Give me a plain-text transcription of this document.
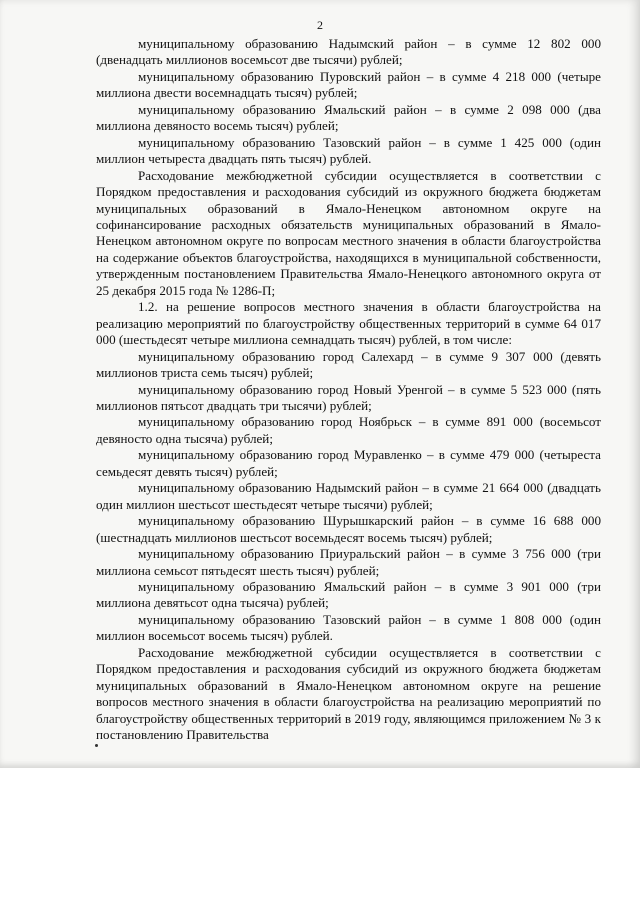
2

муниципальному образованию Надымский район – в сумме 12 802 000 (двенадцать миллионов восемьсот две тысячи) рублей;

муниципальному образованию Пуровский район – в сумме 4 218 000 (четыре миллиона двести восемнадцать тысяч) рублей;

муниципальному образованию Ямальский район – в сумме 2 098 000 (два миллиона девяносто восемь тысяч) рублей;

муниципальному образованию Тазовский район – в сумме 1 425 000 (один миллион четыреста двадцать пять тысяч) рублей.

Расходование межбюджетной субсидии осуществляется в соответствии с Порядком предоставления и расходования субсидий из окружного бюджета бюджетам муниципальных образований в Ямало-Ненецком автономном округе на софинансирование расходных обязательств муниципальных образований в Ямало-Ненецком автономном округе по вопросам местного значения в области благоустройства на содержание объектов благоустройства, находящихся в муниципальной собственности, утвержденным постановлением Правительства Ямало-Ненецкого автономного округа от 25 декабря 2015 года № 1286-П;

1.2. на решение вопросов местного значения в области благоустройства на реализацию мероприятий по благоустройству общественных территорий в сумме 64 017 000 (шестьдесят четыре миллиона семнадцать тысяч) рублей, в том числе:

муниципальному образованию город Салехард – в сумме 9 307 000 (девять миллионов триста семь тысяч) рублей;

муниципальному образованию город Новый Уренгой – в сумме 5 523 000 (пять миллионов пятьсот двадцать три тысячи) рублей;

муниципальному образованию город Ноябрьск – в сумме 891 000 (восемьсот девяносто одна тысяча) рублей;

муниципальному образованию город Муравленко – в сумме 479 000 (четыреста семьдесят девять тысяч) рублей;

муниципальному образованию Надымский район – в сумме 21 664 000 (двадцать один миллион шестьсот шестьдесят четыре тысячи) рублей;

муниципальному образованию Шурышкарский район – в сумме 16 688 000 (шестнадцать миллионов шестьсот восемьдесят восемь тысяч) рублей;

муниципальному образованию Приуральский район – в сумме 3 756 000 (три миллиона семьсот пятьдесят шесть тысяч) рублей;

муниципальному образованию Ямальский район – в сумме 3 901 000 (три миллиона девятьсот одна тысяча) рублей;

муниципальному образованию Тазовский район – в сумме 1 808 000 (один миллион восемьсот восемь тысяч) рублей.

Расходование межбюджетной субсидии осуществляется в соответствии с Порядком предоставления и расходования субсидий из окружного бюджета бюджетам муниципальных образований в Ямало-Ненецком автономном округе на решение вопросов местного значения в области благоустройства на реализацию мероприятий по благоустройству общественных территорий в 2019 году, являющимся приложением № 3 к постановлению Правительства
